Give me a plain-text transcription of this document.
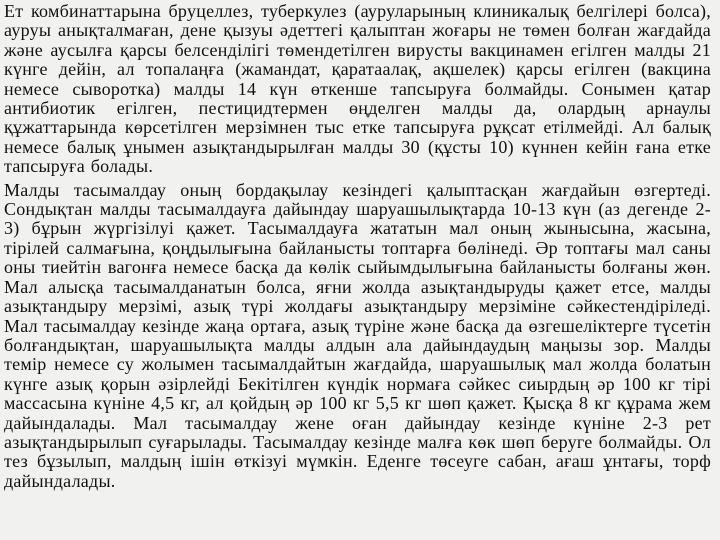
Ет комбинаттарына бруцеллез, туберкулез (ауруларының клиникалық белгілері болса), ауруы анықталмаған, дене қызуы әдеттегі қалыптан жоғары не төмен болған жағдайда және аусылға қарсы белсенділігі төмендетілген вирусты вакцинамен егілген малды 21 күнге дейін, ал топалаңға (жамандат, қаратаалақ, ақшелек) қарсы егілген (вакцина немесе сыворотка) малды 14 күн өткенше тапсыруға болмайды. Сонымен қатар антибиотик егілген, пестицидтермен өңделген малды да, олардың арнаулы құжаттарында көрсетілген мерзімнен тыс етке тапсыруға рұқсат етілмейді. Ал балық немесе балық ұнымен азықтандырылған малды 30 (құсты 10) күннен кейін ғана етке тапсыруға болады.

Малды тасымалдау оның бордақылау кезіндегі қалыптасқан жағдайын өзгертеді. Сондықтан малды тасымалдауға дайындау шаруашылықтарда 10-13 күн (аз дегенде 2-3) бұрын жүргізілуі қажет. Тасымалдауға жататын мал оның жынысына, жасына, тірілей салмағына, қоңдылығына байланысты топтарға бөлінеді. Әр топтағы мал саны оны тиейтін вагонға немесе басқа да көлік сыйымдылығына байланысты болғаны жөн. Мал алысқа тасымалданатын болса, яғни жолда азықтандыруды қажет етсе, малды азықтандыру мерзімі, азық түрі жолдағы азықтандыру мерзіміне сәйкестендіріледі. Мал тасымалдау кезінде жаңа ортаға, азық түріне және басқа да өзгешеліктерге түсетін болғандықтан, шаруашылықта малды алдын ала дайындаудың маңызы зор. Малды темір немесе су жолымен тасымалдайтын жағдайда, шаруашылық мал жолда болатын күнге азық қорын әзірлейді Бекітілген күндік нормаға сәйкес сиырдың әр 100 кг тірі массасына күніне 4,5 кг, ал қойдың әр 100 кг 5,5 кг шөп қажет. Қысқа 8 кг құрама жем дайындалады. Мал тасымалдау жене оған дайындау кезінде күніне 2-3 рет азықтандырылып суғарылады. Тасымалдау кезінде малға көк шөп беруге болмайды. Ол тез бұзылып, малдың ішін өткізуі мүмкін. Еденге төсеуге сабан, ағаш ұнтағы, торф дайындалады.
